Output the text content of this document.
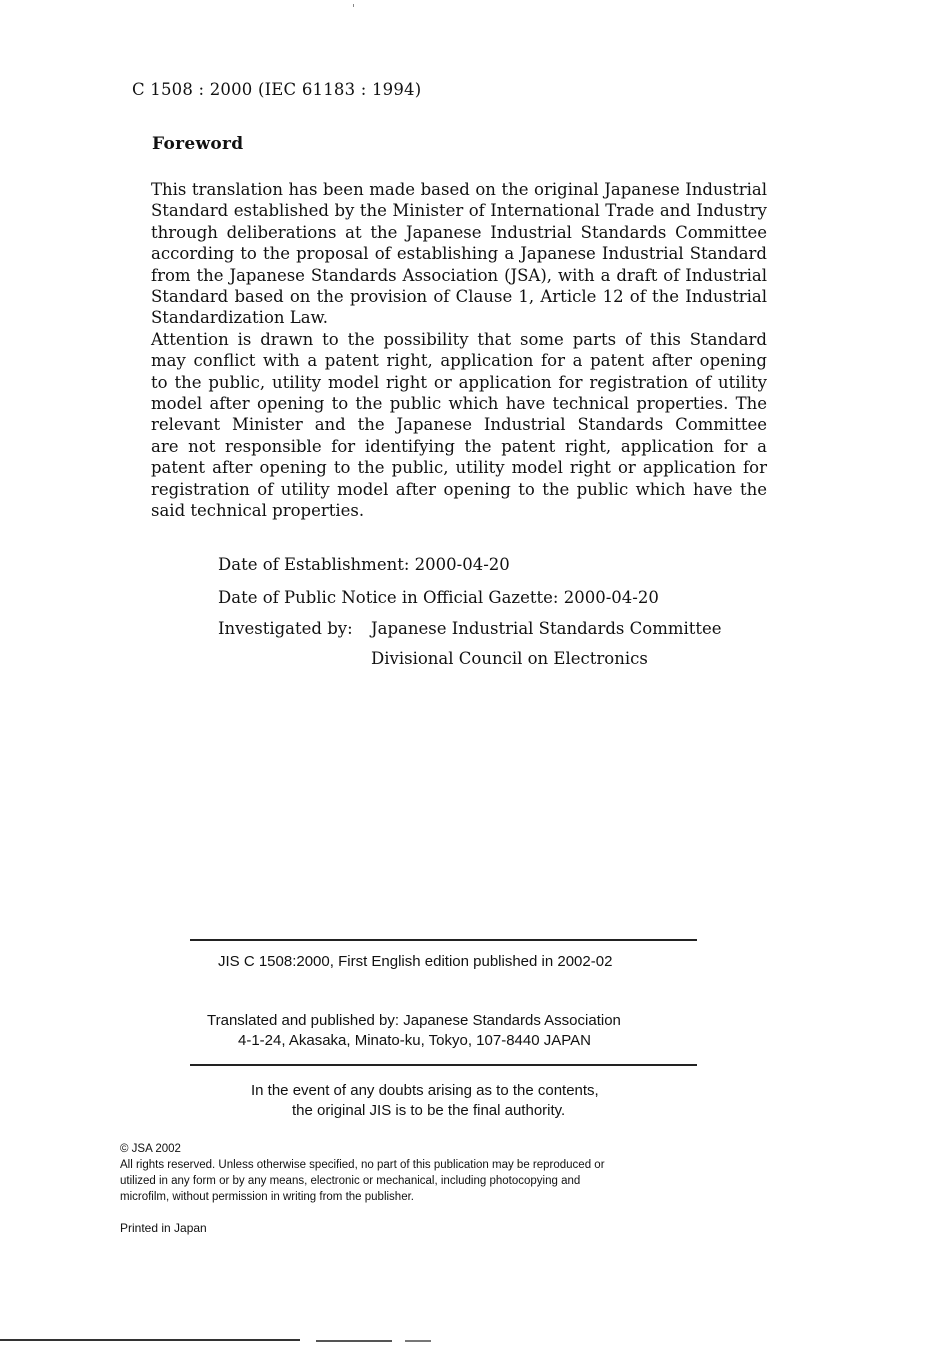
C 1508 : 2000 (IEC 61183 : 1994)
Foreword
This translation has been made based on the original Japanese Industrial
Standard established by the Minister of International Trade and Industry
through deliberations at the Japanese Industrial Standards Committee
according to the proposal of establishing a Japanese Industrial Standard
from the Japanese Standards Association (JSA), with a draft of Industrial
Standard based on the provision of Clause 1, Article 12 of the Industrial
Standardization Law.
Attention is drawn to the possibility that some parts of this Standard
may conflict with a patent right, application for a patent after opening
to the public, utility model right or application for registration of utility
model after opening to the public which have technical properties. The
relevant Minister and the Japanese Industrial Standards Committee
are not responsible for identifying the patent right, application for a
patent after opening to the public, utility model right or application for
registration of utility model after opening to the public which have the
said technical properties.
Date of Establishment: 2000-04-20
Date of Public Notice in Official Gazette: 2000-04-20
Investigated by: Japanese Industrial Standards Committee
Divisional Council on Electronics
JIS C 1508:2000, First English edition published in 2002-02
Translated and published by: Japanese Standards Association
4-1-24, Akasaka, Minato-ku, Tokyo, 107-8440 JAPAN
In the event of any doubts arising as to the contents,
the original JIS is to be the final authority.
© JSA 2002
All rights reserved. Unless otherwise specified, no part of this publication may be reproduced or
utilized in any form or by any means, electronic or mechanical, including photocopying and
microfilm, without permission in writing from the publisher.
Printed in Japan
